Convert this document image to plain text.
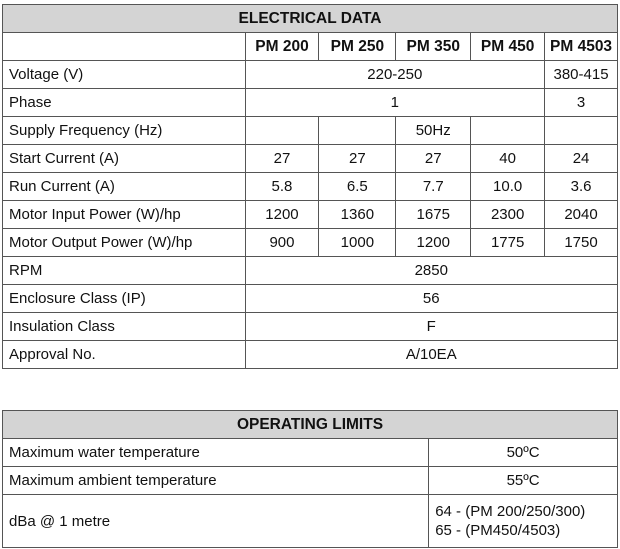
ELECTRICAL DATA					
	PM 200	PM 250	PM 350	PM 450	PM 4503
Voltage (V)	220-250				380-415
Phase	1				3
Supply Frequency (Hz)			50Hz		
Start Current (A)	27	27	27	40	24
Run Current (A)	5.8	6.5	7.7	10.0	3.6
Motor Input Power (W)/hp	1200	1360	1675	2300	2040
Motor Output Power (W)/hp	900	1000	1200	1775	1750
RPM	2850				
Enclosure Class (IP)	56				
Insulation Class	F				
Approval No.	A/10EA				
OPERATING LIMITS	
Maximum water temperature	50ºC
Maximum ambient temperature	55ºC
dBa @ 1 metre	64 - (PM 200/250/300)
65 - (PM450/4503)
